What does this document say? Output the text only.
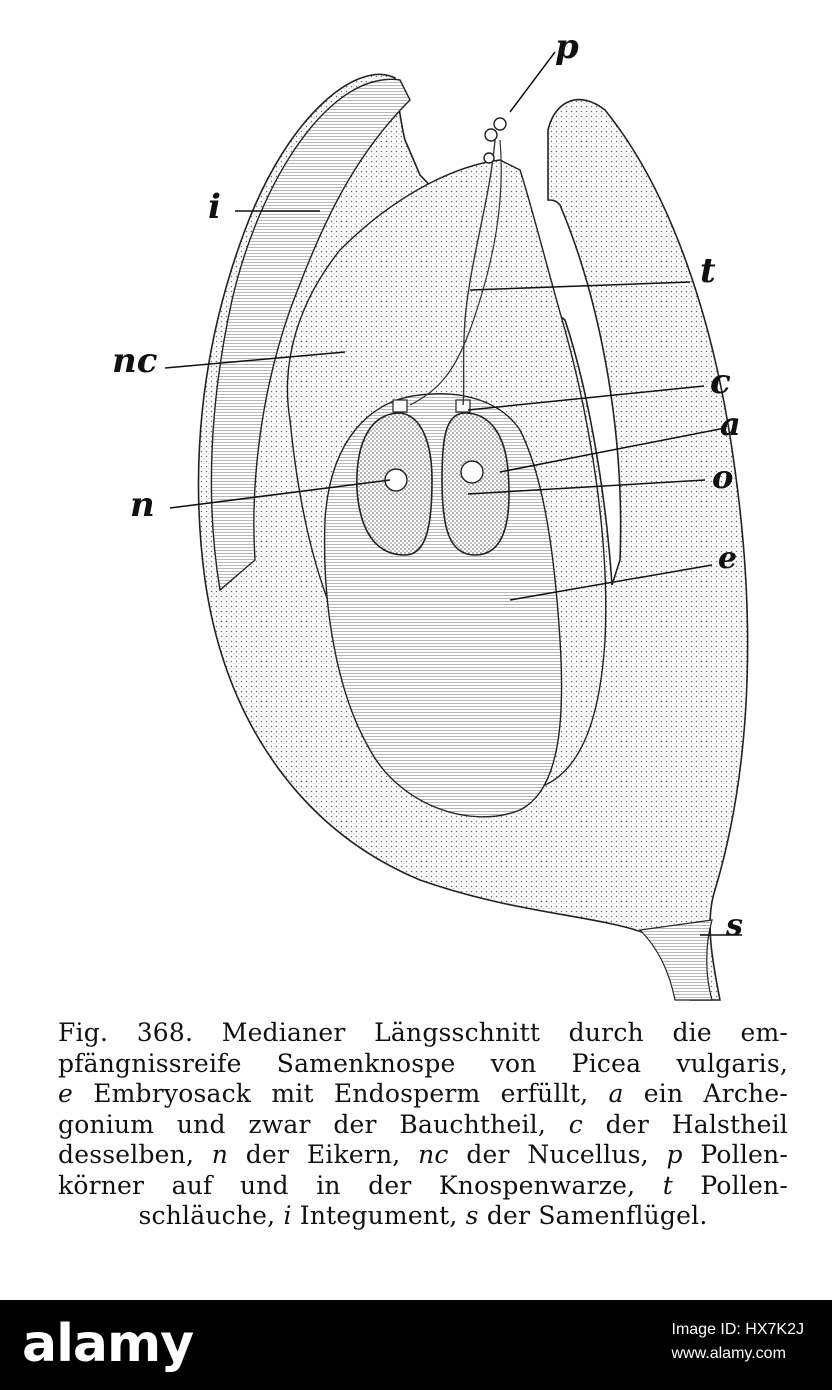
p
i
t
nc
c
a
n
o
e
s
Fig. 368. Medianer Längsschnitt durch die em-
pfängnissreife Samenknospe von Picea vulgaris,
e Embryosack mit Endosperm erfüllt, a ein Arche-
gonium und zwar der Bauchtheil, c der Halstheil
desselben, n der Eikern, nc der Nucellus, p Pollen-
körner auf und in der Knospenwarze, t Pollen-
schläuche, i Integument, s der Samenflügel.
alamy	Image ID: HX7K2J
www.alamy.com
